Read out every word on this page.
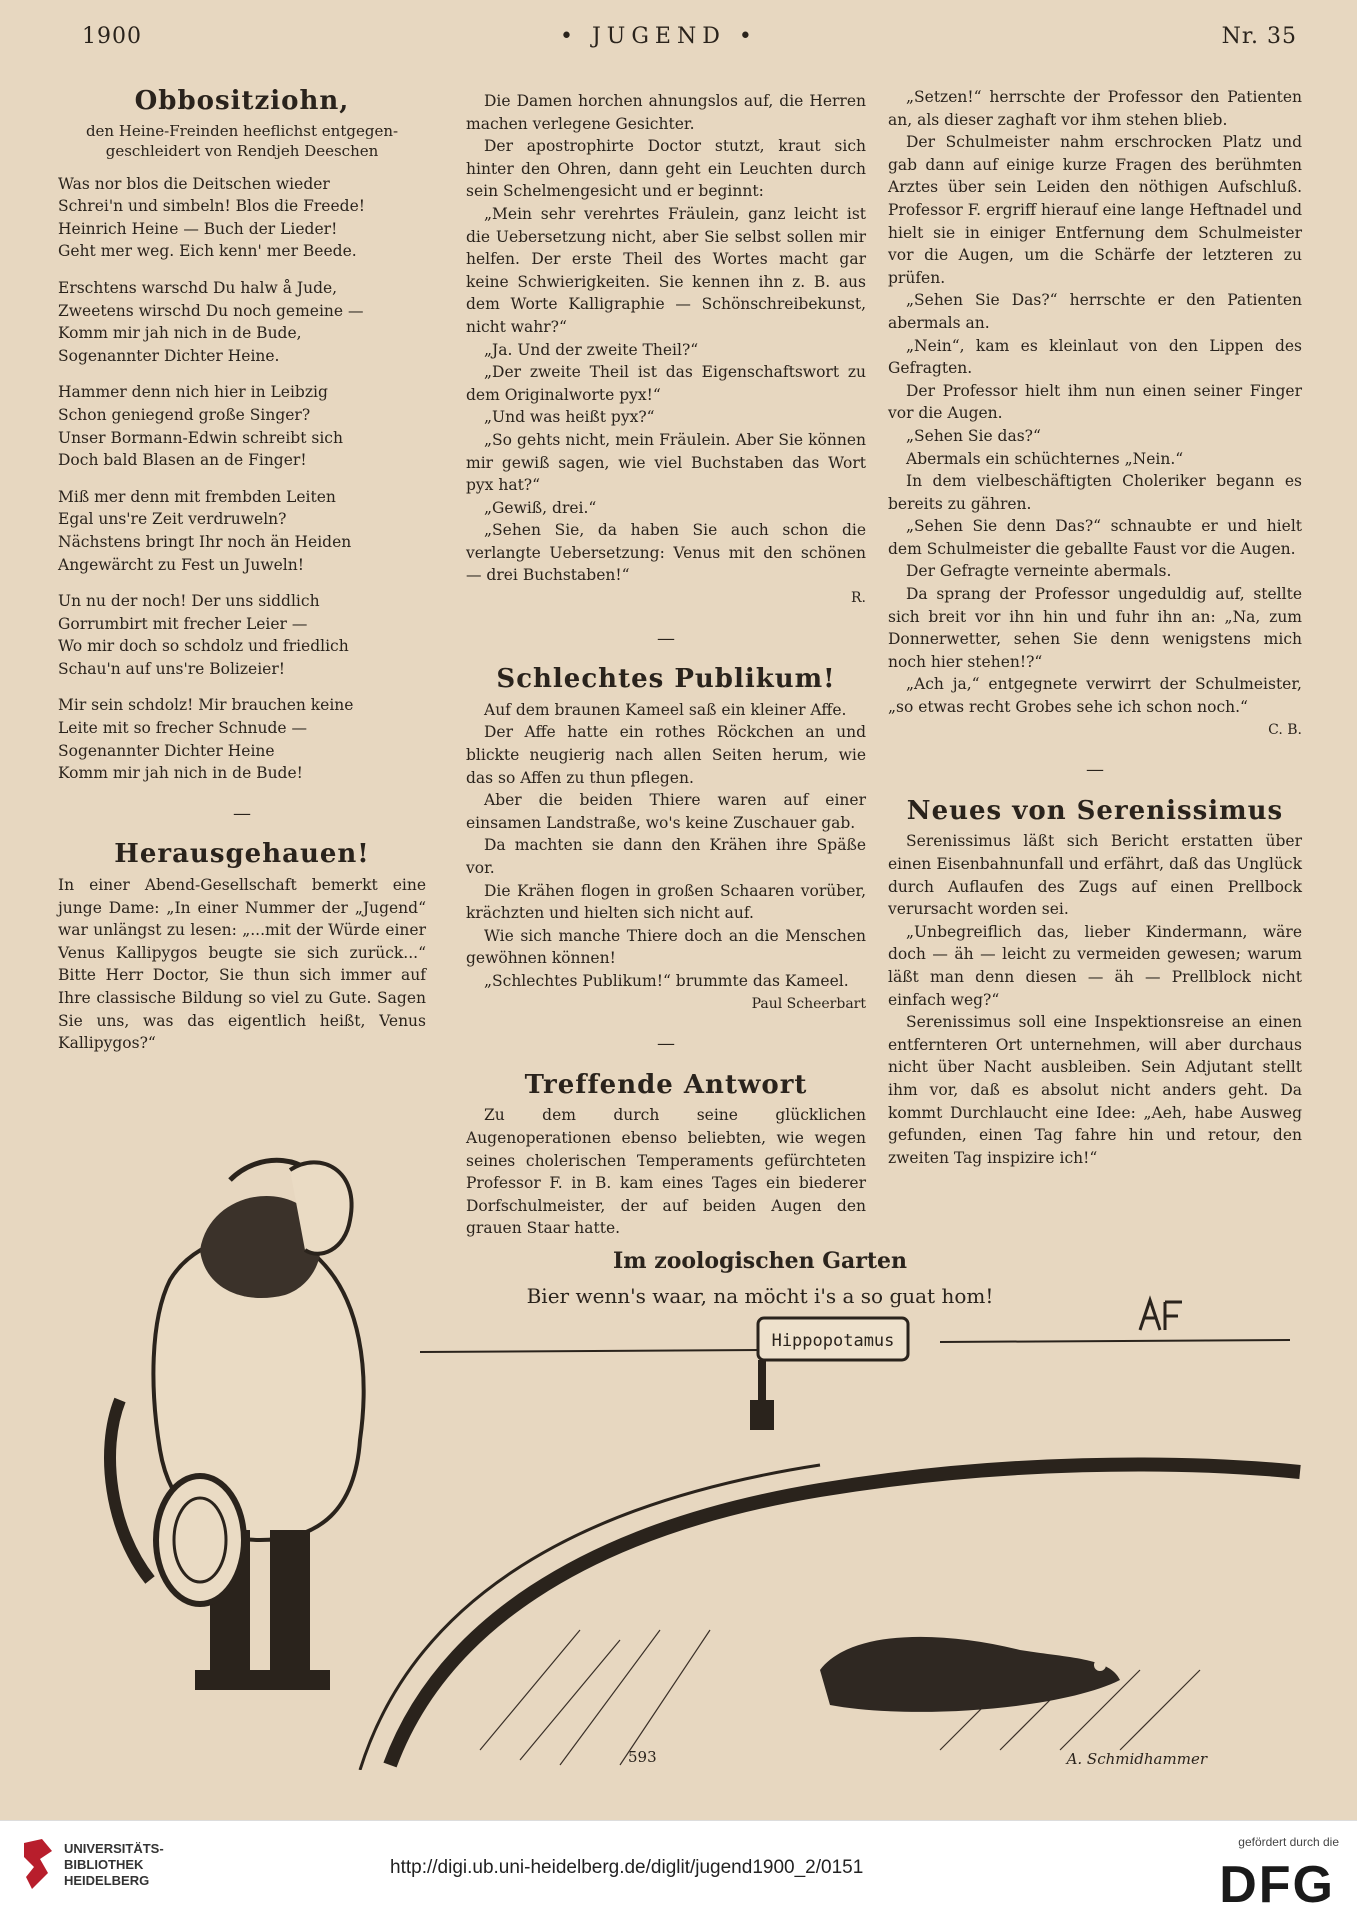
1900	• JUGEND •	Nr. 35
Obbositziohn,
den Heine-Freinden heeflichst entgegen-
geschleidert von Rendjeh Deeschen
Was nor blos die Deitschen wieder
Schrei'n und simbeln! Blos die Freede!
Heinrich Heine — Buch der Lieder!
Geht mer weg. Eich kenn' mer Beede.
Erschtens warschd Du halw å Jude,
Zweetens wirschd Du noch gemeine —
Komm mir jah nich in de Bude,
Sogenannter Dichter Heine.
Hammer denn nich hier in Leibzig
Schon geniegend große Singer?
Unser Bormann-Edwin schreibt sich
Doch bald Blasen an de Finger!
Miß mer denn mit frembden Leiten
Egal uns're Zeit verdruweln?
Nächstens bringt Ihr noch än Heiden
Angewärcht zu Fest un Juweln!
Un nu der noch! Der uns siddlich
Gorrumbirt mit frecher Leier —
Wo mir doch so schdolz und friedlich
Schau'n auf uns're Bolizeier!
Mir sein schdolz! Mir brauchen keine
Leite mit so frecher Schnude —
Sogenannter Dichter Heine
Komm mir jah nich in de Bude!
—
Herausgehauen!

In einer Abend-Gesellschaft bemerkt eine junge Dame: „In einer Nummer der „Jugend“ war unlängst zu lesen: „...mit der Würde einer Venus Kallipygos beugte sie sich zurück...“ Bitte Herr Doctor, Sie thun sich immer auf Ihre classische Bildung so viel zu Gute. Sagen Sie uns, was das eigentlich heißt, Venus Kallipygos?“

Die Damen horchen ahnungslos auf, die Herren machen verlegene Gesichter.

Der apostrophirte Doctor stutzt, kraut sich hinter den Ohren, dann geht ein Leuchten durch sein Schelmengesicht und er beginnt:

„Mein sehr verehrtes Fräulein, ganz leicht ist die Uebersetzung nicht, aber Sie selbst sollen mir helfen. Der erste Theil des Wortes macht gar keine Schwierigkeiten. Sie kennen ihn z. B. aus dem Worte Kalligraphie — Schönschreibekunst, nicht wahr?“

„Ja. Und der zweite Theil?“

„Der zweite Theil ist das Eigenschaftswort zu dem Originalworte pyx!“

„Und was heißt pyx?“

„So gehts nicht, mein Fräulein. Aber Sie können mir gewiß sagen, wie viel Buchstaben das Wort pyx hat?“

„Gewiß, drei.“

„Sehen Sie, da haben Sie auch schon die verlangte Uebersetzung: Venus mit den schönen — drei Buchstaben!“

R.
—
Schlechtes Publikum!

Auf dem braunen Kameel saß ein kleiner Affe.

Der Affe hatte ein rothes Röckchen an und blickte neugierig nach allen Seiten herum, wie das so Affen zu thun pflegen.

Aber die beiden Thiere waren auf einer einsamen Landstraße, wo's keine Zuschauer gab.

Da machten sie dann den Krähen ihre Späße vor.

Die Krähen flogen in großen Schaaren vorüber, krächzten und hielten sich nicht auf.

Wie sich manche Thiere doch an die Menschen gewöhnen können!

„Schlechtes Publikum!“ brummte das Kameel.

Paul Scheerbart
—
Treffende Antwort

Zu dem durch seine glücklichen Augenoperationen ebenso beliebten, wie wegen seines cholerischen Temperaments gefürchteten Professor F. in B. kam eines Tages ein biederer Dorfschulmeister, der auf beiden Augen den grauen Staar hatte.

„Setzen!“ herrschte der Professor den Patienten an, als dieser zaghaft vor ihm stehen blieb.

Der Schulmeister nahm erschrocken Platz und gab dann auf einige kurze Fragen des berühmten Arztes über sein Leiden den nöthigen Aufschluß. Professor F. ergriff hierauf eine lange Heftnadel und hielt sie in einiger Entfernung dem Schulmeister vor die Augen, um die Schärfe der letzteren zu prüfen.

„Sehen Sie Das?“ herrschte er den Patienten abermals an.

„Nein“, kam es kleinlaut von den Lippen des Gefragten.

Der Professor hielt ihm nun einen seiner Finger vor die Augen.

„Sehen Sie das?“

Abermals ein schüchternes „Nein.“

In dem vielbeschäftigten Choleriker begann es bereits zu gähren.

„Sehen Sie denn Das?“ schnaubte er und hielt dem Schulmeister die geballte Faust vor die Augen.

Der Gefragte verneinte abermals.

Da sprang der Professor ungeduldig auf, stellte sich breit vor ihn hin und fuhr ihn an: „Na, zum Donnerwetter, sehen Sie denn wenigstens mich noch hier stehen!?“

„Ach ja,“ entgegnete verwirrt der Schulmeister, „so etwas recht Grobes sehe ich schon noch.“

C. B.
—
Neues von Serenissimus

Serenissimus läßt sich Bericht erstatten über einen Eisenbahnunfall und erfährt, daß das Unglück durch Auflaufen des Zugs auf einen Prellbock verursacht worden sei.

„Unbegreiflich das, lieber Kindermann, wäre doch — äh — leicht zu vermeiden gewesen; warum läßt man denn diesen — äh — Prellblock nicht einfach weg?“

Serenissimus soll eine Inspektionsreise an einen entfernteren Ort unternehmen, will aber durchaus nicht über Nacht ausbleiben. Sein Adjutant stellt ihm vor, daß es absolut nicht anders geht. Da kommt Durchlaucht eine Idee: „Aeh, habe Ausweg gefunden, einen Tag fahre hin und retour, den zweiten Tag inspizire ich!“

Im zoologischen Garten
Bier wenn's waar, na möcht i's a so guat hom!
Hippopotamus
593	A. Schmidhammer
UNIVERSITÄTS-
BIBLIOTHEK
HEIDELBERG
http://digi.ub.uni-heidelberg.de/diglit/jugend1900_2/0151
gefördert durch die
DFG
